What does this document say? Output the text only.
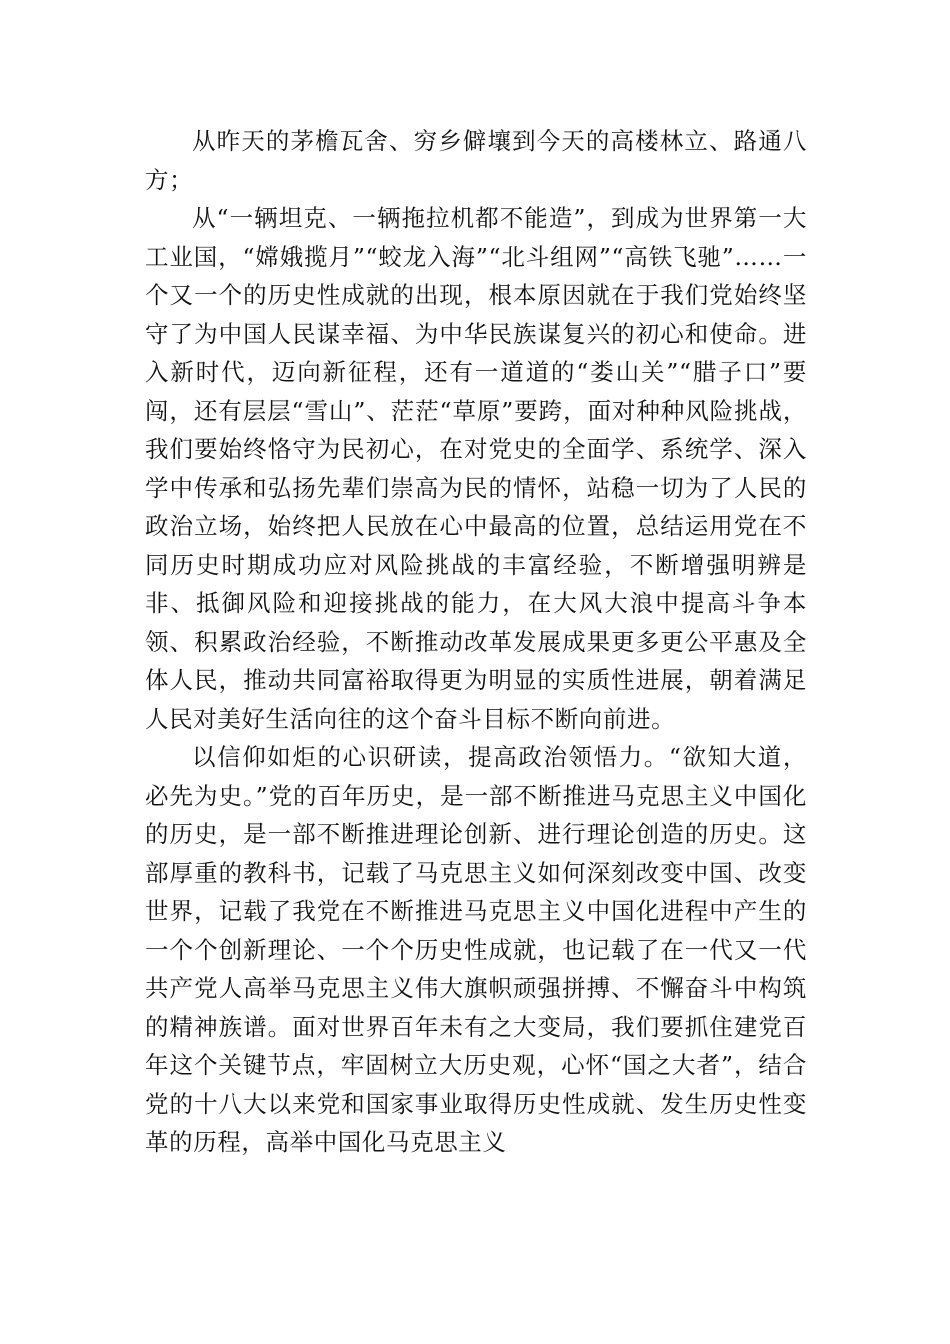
从昨天的茅檐瓦舍、穷乡僻壤到今天的高楼林立、路通八方；

从“一辆坦克、一辆拖拉机都不能造”，到成为世界第一大工业国，“嫦娥揽月”“蛟龙入海”“北斗组网”“高铁飞驰”……一个又一个的历史性成就的出现，根本原因就在于我们党始终坚守了为中国人民谋幸福、为中华民族谋复兴的初心和使命。进入新时代，迈向新征程，还有一道道的“娄山关”“腊子口”要闯，还有层层“雪山”、茫茫“草原”要跨，面对种种风险挑战，我们要始终恪守为民初心，在对党史的全面学、系统学、深入学中传承和弘扬先辈们崇高为民的情怀，站稳一切为了人民的政治立场，始终把人民放在心中最高的位置，总结运用党在不同历史时期成功应对风险挑战的丰富经验，不断增强明辨是非、抵御风险和迎接挑战的能力，在大风大浪中提高斗争本领、积累政治经验，不断推动改革发展成果更多更公平惠及全体人民，推动共同富裕取得更为明显的实质性进展，朝着满足人民对美好生活向往的这个奋斗目标不断向前进。

以信仰如炬的心识研读，提高政治领悟力。“欲知大道，必先为史。”党的百年历史，是一部不断推进马克思主义中国化的历史，是一部不断推进理论创新、进行理论创造的历史。这部厚重的教科书，记载了马克思主义如何深刻改变中国、改变世界，记载了我党在不断推进马克思主义中国化进程中产生的一个个创新理论、一个个历史性成就，也记载了在一代又一代共产党人高举马克思主义伟大旗帜顽强拼搏、不懈奋斗中构筑的精神族谱。面对世界百年未有之大变局，我们要抓住建党百年这个关键节点，牢固树立大历史观，心怀“国之大者”，结合党的十八大以来党和国家事业取得历史性成就、发生历史性变革的历程，高举中国化马克思主义
